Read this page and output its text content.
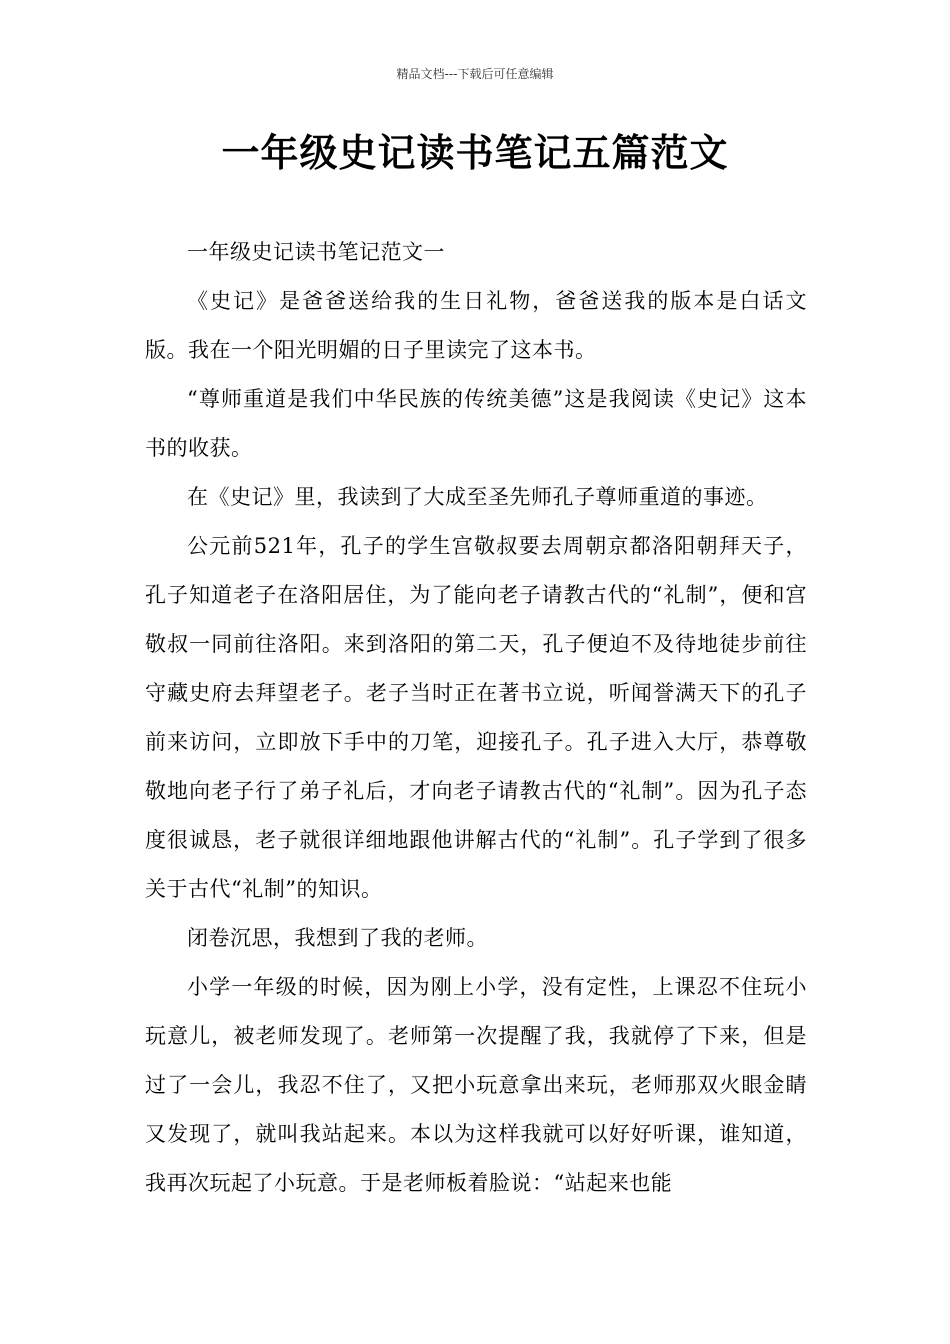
精品文档---下载后可任意编辑
一年级史记读书笔记五篇范文

一年级史记读书笔记范文一

《史记》是爸爸送给我的生日礼物，爸爸送我的版本是白话文版。我在一个阳光明媚的日子里读完了这本书。

“尊师重道是我们中华民族的传统美德”这是我阅读《史记》这本书的收获。

在《史记》里，我读到了大成至圣先师孔子尊师重道的事迹。

公元前521年，孔子的学生宫敬叔要去周朝京都洛阳朝拜天子，孔子知道老子在洛阳居住，为了能向老子请教古代的“礼制”，便和宫敬叔一同前往洛阳。来到洛阳的第二天，孔子便迫不及待地徒步前往守藏史府去拜望老子。老子当时正在著书立说，听闻誉满天下的孔子前来访问，立即放下手中的刀笔，迎接孔子。孔子进入大厅，恭尊敬敬地向老子行了弟子礼后，才向老子请教古代的“礼制”。因为孔子态度很诚恳，老子就很详细地跟他讲解古代的“礼制”。孔子学到了很多关于古代“礼制”的知识。

闭卷沉思，我想到了我的老师。

小学一年级的时候，因为刚上小学，没有定性，上课忍不住玩小玩意儿，被老师发现了。老师第一次提醒了我，我就停了下来，但是过了一会儿，我忍不住了，又把小玩意拿出来玩，老师那双火眼金睛又发现了，就叫我站起来。本以为这样我就可以好好听课，谁知道，我再次玩起了小玩意。于是老师板着脸说：“站起来也能
